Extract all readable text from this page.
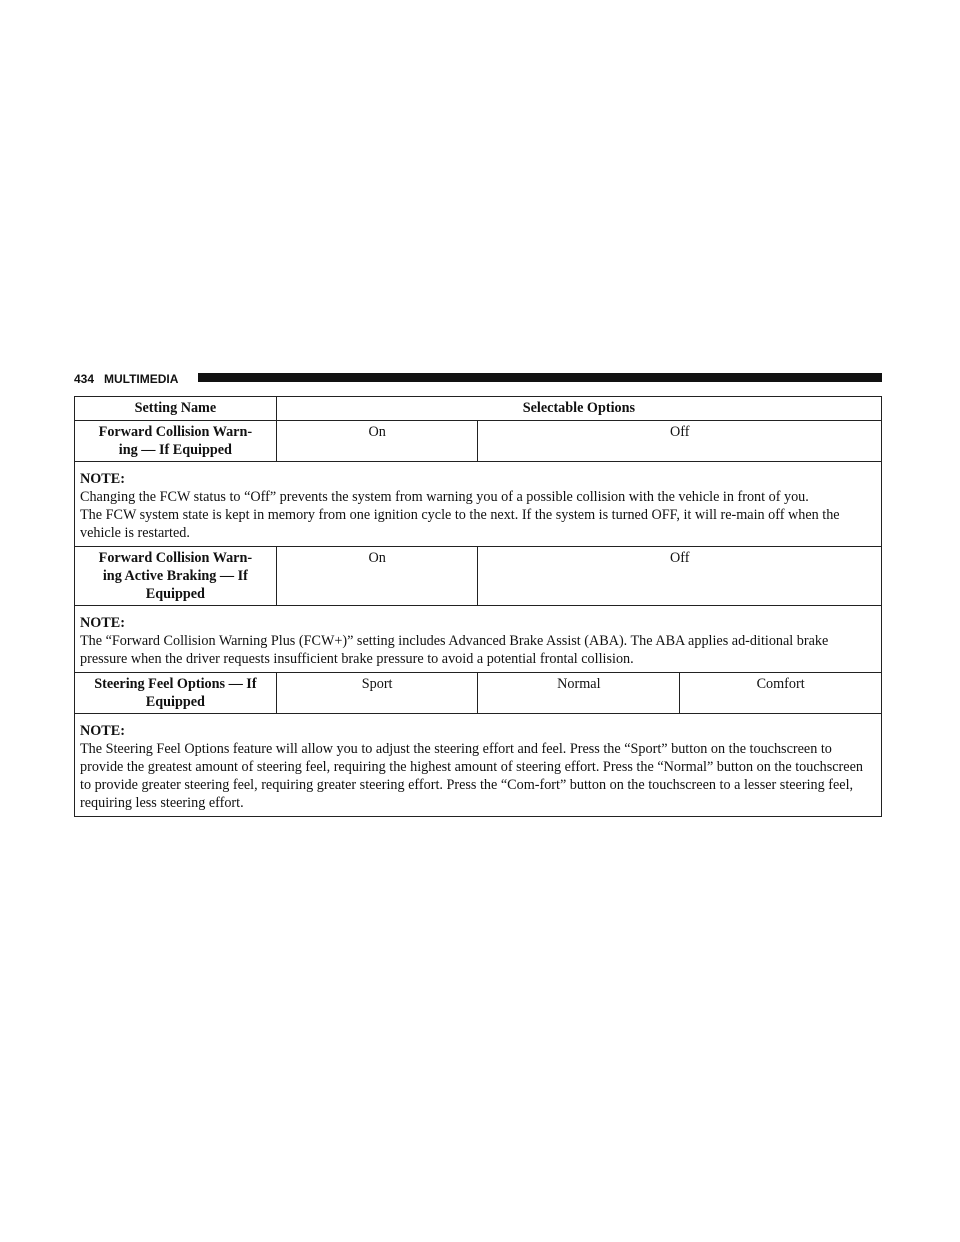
434 MULTIMEDIA
Setting Name	Selectable Options		

Forward Collision Warn-
ing — If Equipped	On	Off	

NOTE:
Changing the FCW status to “Off” prevents the system from warning you of a possible collision with the vehicle in front of you.
The FCW system state is kept in memory from one ignition cycle to the next. If the system is turned OFF, it will re-main off when the vehicle is restarted.			

Forward Collision Warn-
ing Active Braking — If
Equipped	On	Off	

NOTE:
The “Forward Collision Warning Plus (FCW+)” setting includes Advanced Brake Assist (ABA). The ABA applies ad-ditional brake pressure when the driver requests insufficient brake pressure to avoid a potential frontal collision.			

Steering Feel Options — If
Equipped	Sport	Normal	Comfort

NOTE:
The Steering Feel Options feature will allow you to adjust the steering effort and feel. Press the “Sport” button on the touchscreen to provide the greatest amount of steering feel, requiring the highest amount of steering effort. Press the “Normal” button on the touchscreen to provide greater steering feel, requiring greater steering effort. Press the “Com-fort” button on the touchscreen to a lesser steering feel, requiring less steering effort.			
